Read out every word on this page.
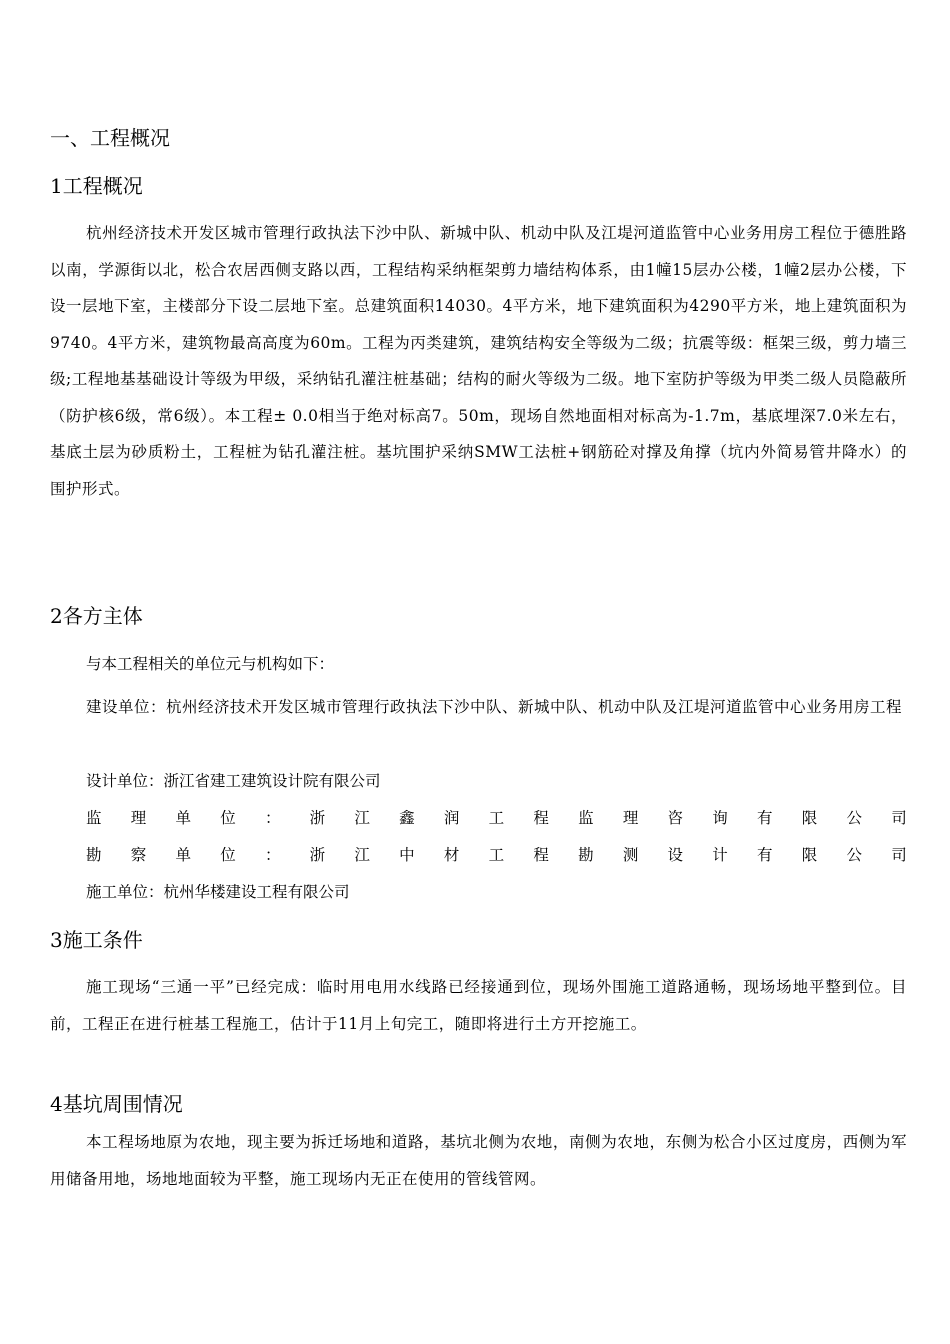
一、工程概况
1工程概况

杭州经济技术开发区城市管理行政执法下沙中队、新城中队、机动中队及江堤河道监管中心业务用房工程位于德胜路以南，学源街以北，松合农居西侧支路以西，工程结构采纳框架剪力墙结构体系，由1幢15层办公楼，1幢2层办公楼，下设一层地下室，主楼部分下设二层地下室。总建筑面积14030。4平方米，地下建筑面积为4290平方米，地上建筑面积为9740。4平方米，建筑物最高高度为60m。工程为丙类建筑，建筑结构安全等级为二级；抗震等级：框架三级，剪力墙三级;工程地基基础设计等级为甲级，采纳钻孔灌注桩基础；结构的耐火等级为二级。地下室防护等级为甲类二级人员隐蔽所（防护核6级，常6级）。本工程± 0.0相当于绝对标高7。50m，现场自然地面相对标高为-1.7m，基底埋深7.0米左右，基底土层为砂质粉土，工程桩为钻孔灌注桩。基坑围护采纳SMW工法桩+钢筋砼对撑及角撑（坑内外简易管井降水）的围护形式。

2各方主体

与本工程相关的单位元与机构如下：

建设单位：杭州经济技术开发区城市管理行政执法下沙中队、新城中队、机动中队及江堤河道监管中心业务用房工程

设计单位：浙江省建工建筑设计院有限公司

监 理 单 位 ： 浙 江 鑫 润 工 程 监 理 咨 询 有 限 公 司

勘 察 单 位 ： 浙 江 中 材 工 程 勘 测 设 计 有 限 公 司

施工单位：杭州华楼建设工程有限公司

3施工条件

施工现场“三通一平”已经完成：临时用电用水线路已经接通到位，现场外围施工道路通畅，现场场地平整到位。目前，工程正在进行桩基工程施工，估计于11月上旬完工，随即将进行土方开挖施工。

4基坑周围情况

本工程场地原为农地，现主要为拆迁场地和道路，基坑北侧为农地，南侧为农地，东侧为松合小区过度房，西侧为军用储备用地，场地地面较为平整，施工现场内无正在使用的管线管网。
